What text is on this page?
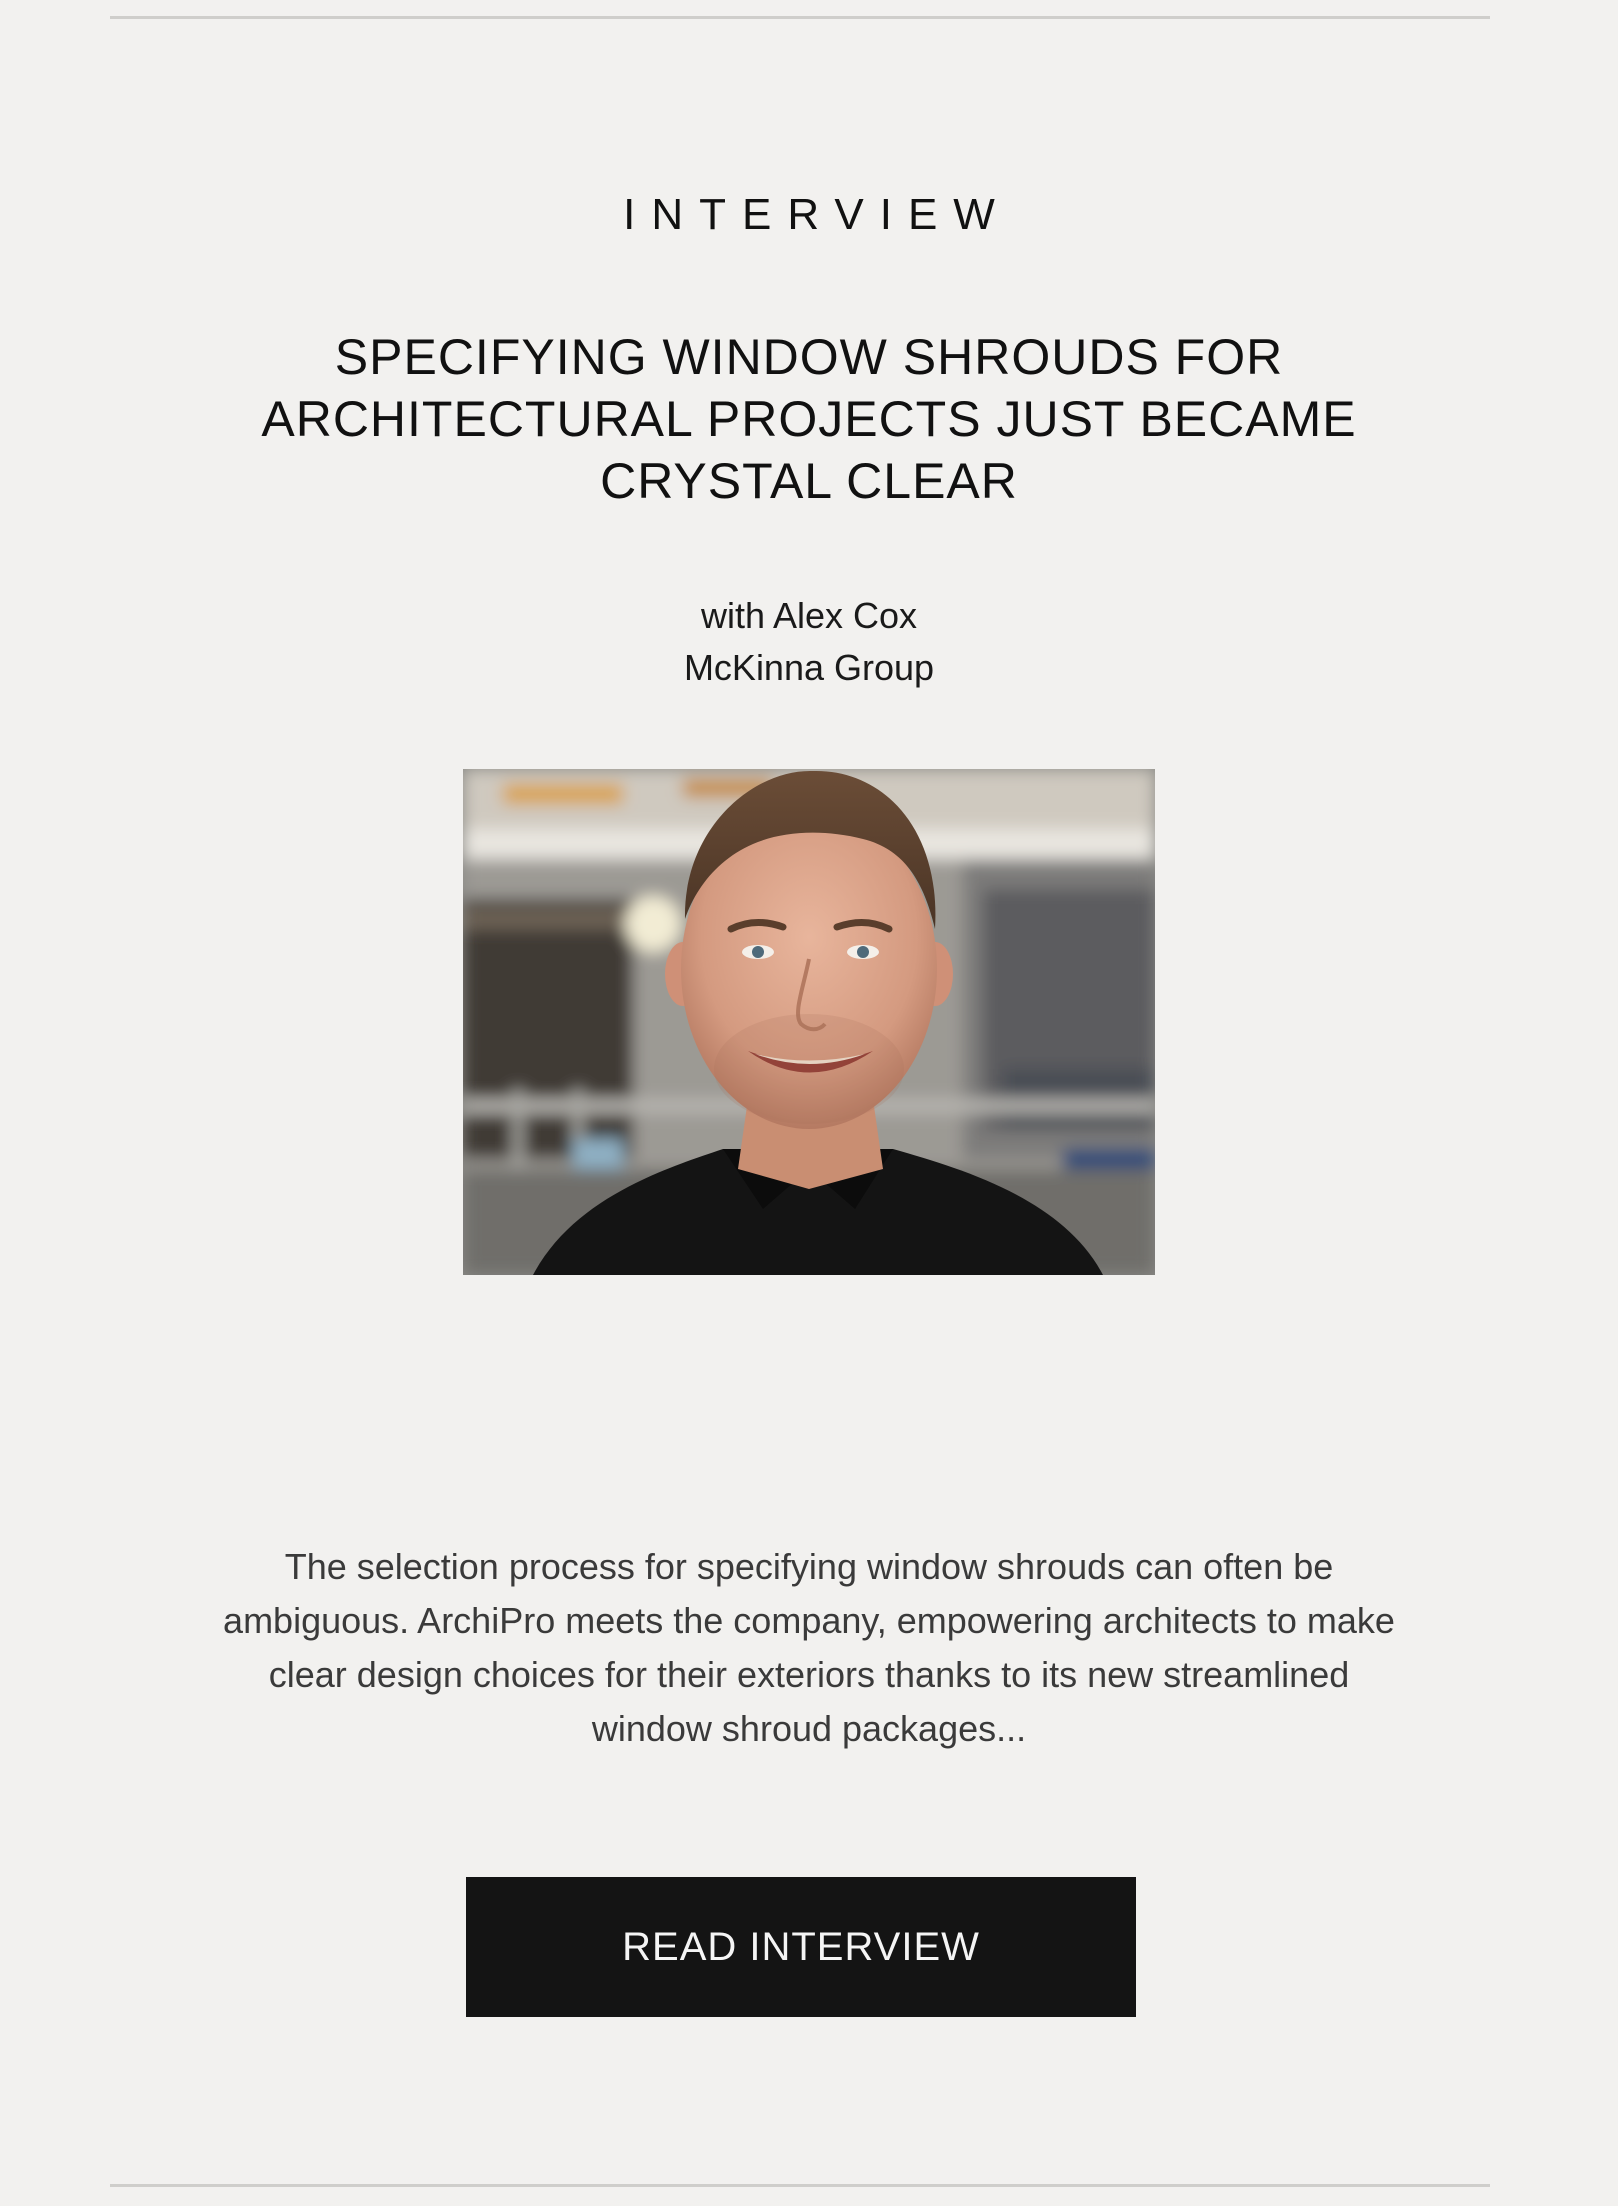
INTERVIEW
SPECIFYING WINDOW SHROUDS FOR ARCHITECTURAL PROJECTS JUST BECAME CRYSTAL CLEAR
with Alex Cox
McKinna Group

The selection process for specifying window shrouds can often be ambiguous. ArchiPro meets the company, empowering architects to make clear design choices for their exteriors thanks to its new streamlined window shroud packages...

READ INTERVIEW
